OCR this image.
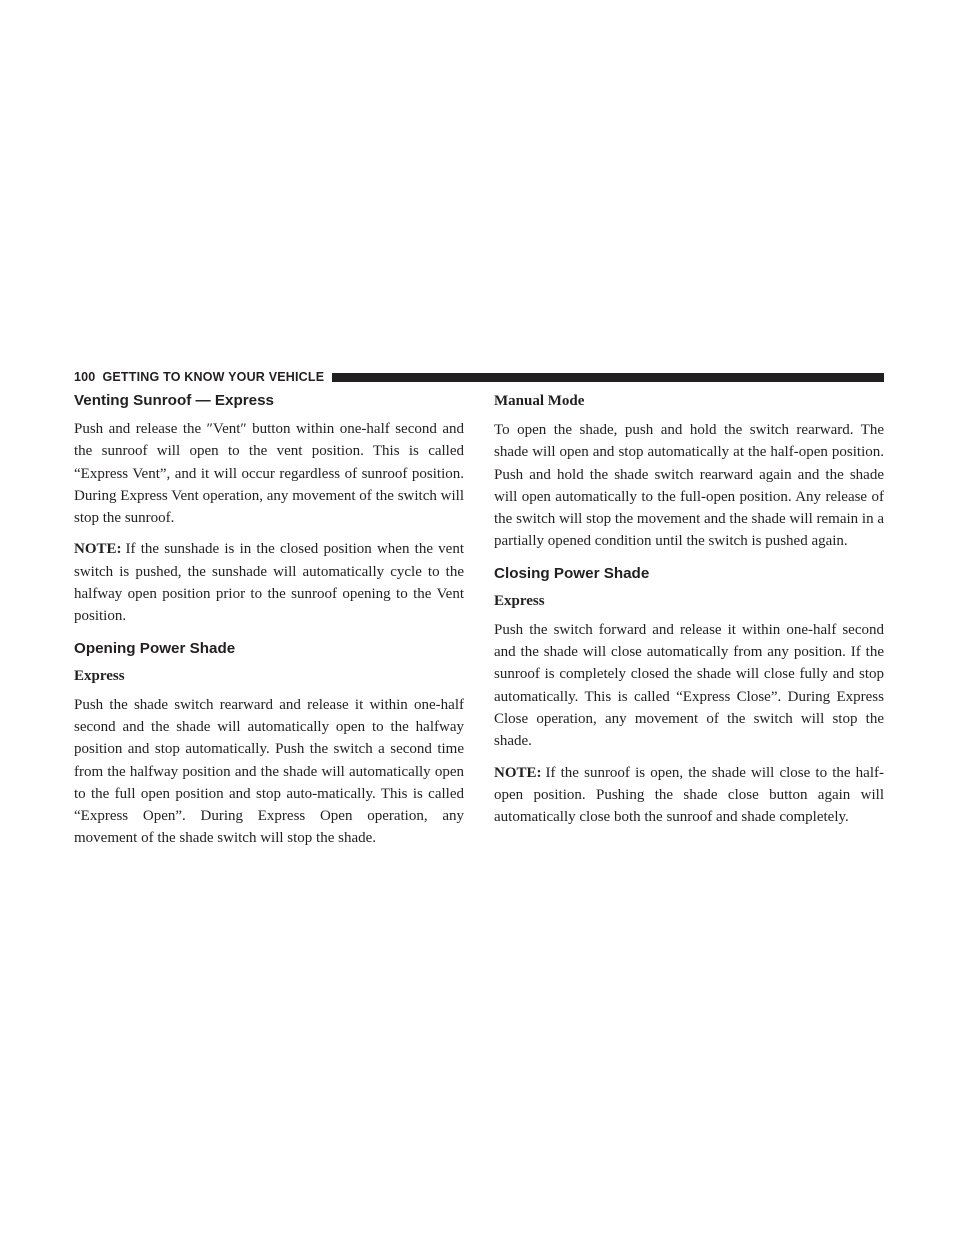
100 GETTING TO KNOW YOUR VEHICLE
Venting Sunroof — Express

Push and release the ″Vent″ button within one-half second and the sunroof will open to the vent position. This is called “Express Vent”, and it will occur regardless of sunroof position. During Express Vent operation, any movement of the switch will stop the sunroof.

NOTE: If the sunshade is in the closed position when the vent switch is pushed, the sunshade will automatically cycle to the halfway open position prior to the sunroof opening to the Vent position.

Opening Power Shade
Express

Push the shade switch rearward and release it within one-half second and the shade will automatically open to the halfway position and stop automatically. Push the switch a second time from the halfway position and the shade will automatically open to the full open position and stop auto-matically. This is called “Express Open”. During Express Open operation, any movement of the shade switch will stop the shade.

Manual Mode

To open the shade, push and hold the switch rearward. The shade will open and stop automatically at the half-open position. Push and hold the shade switch rearward again and the shade will open automatically to the full-open position. Any release of the switch will stop the movement and the shade will remain in a partially opened condition until the switch is pushed again.

Closing Power Shade
Express

Push the switch forward and release it within one-half second and the shade will close automatically from any position. If the sunroof is completely closed the shade will close fully and stop automatically. This is called “Express Close”. During Express Close operation, any movement of the switch will stop the shade.

NOTE: If the sunroof is open, the shade will close to the half-open position. Pushing the shade close button again will automatically close both the sunroof and shade completely.
